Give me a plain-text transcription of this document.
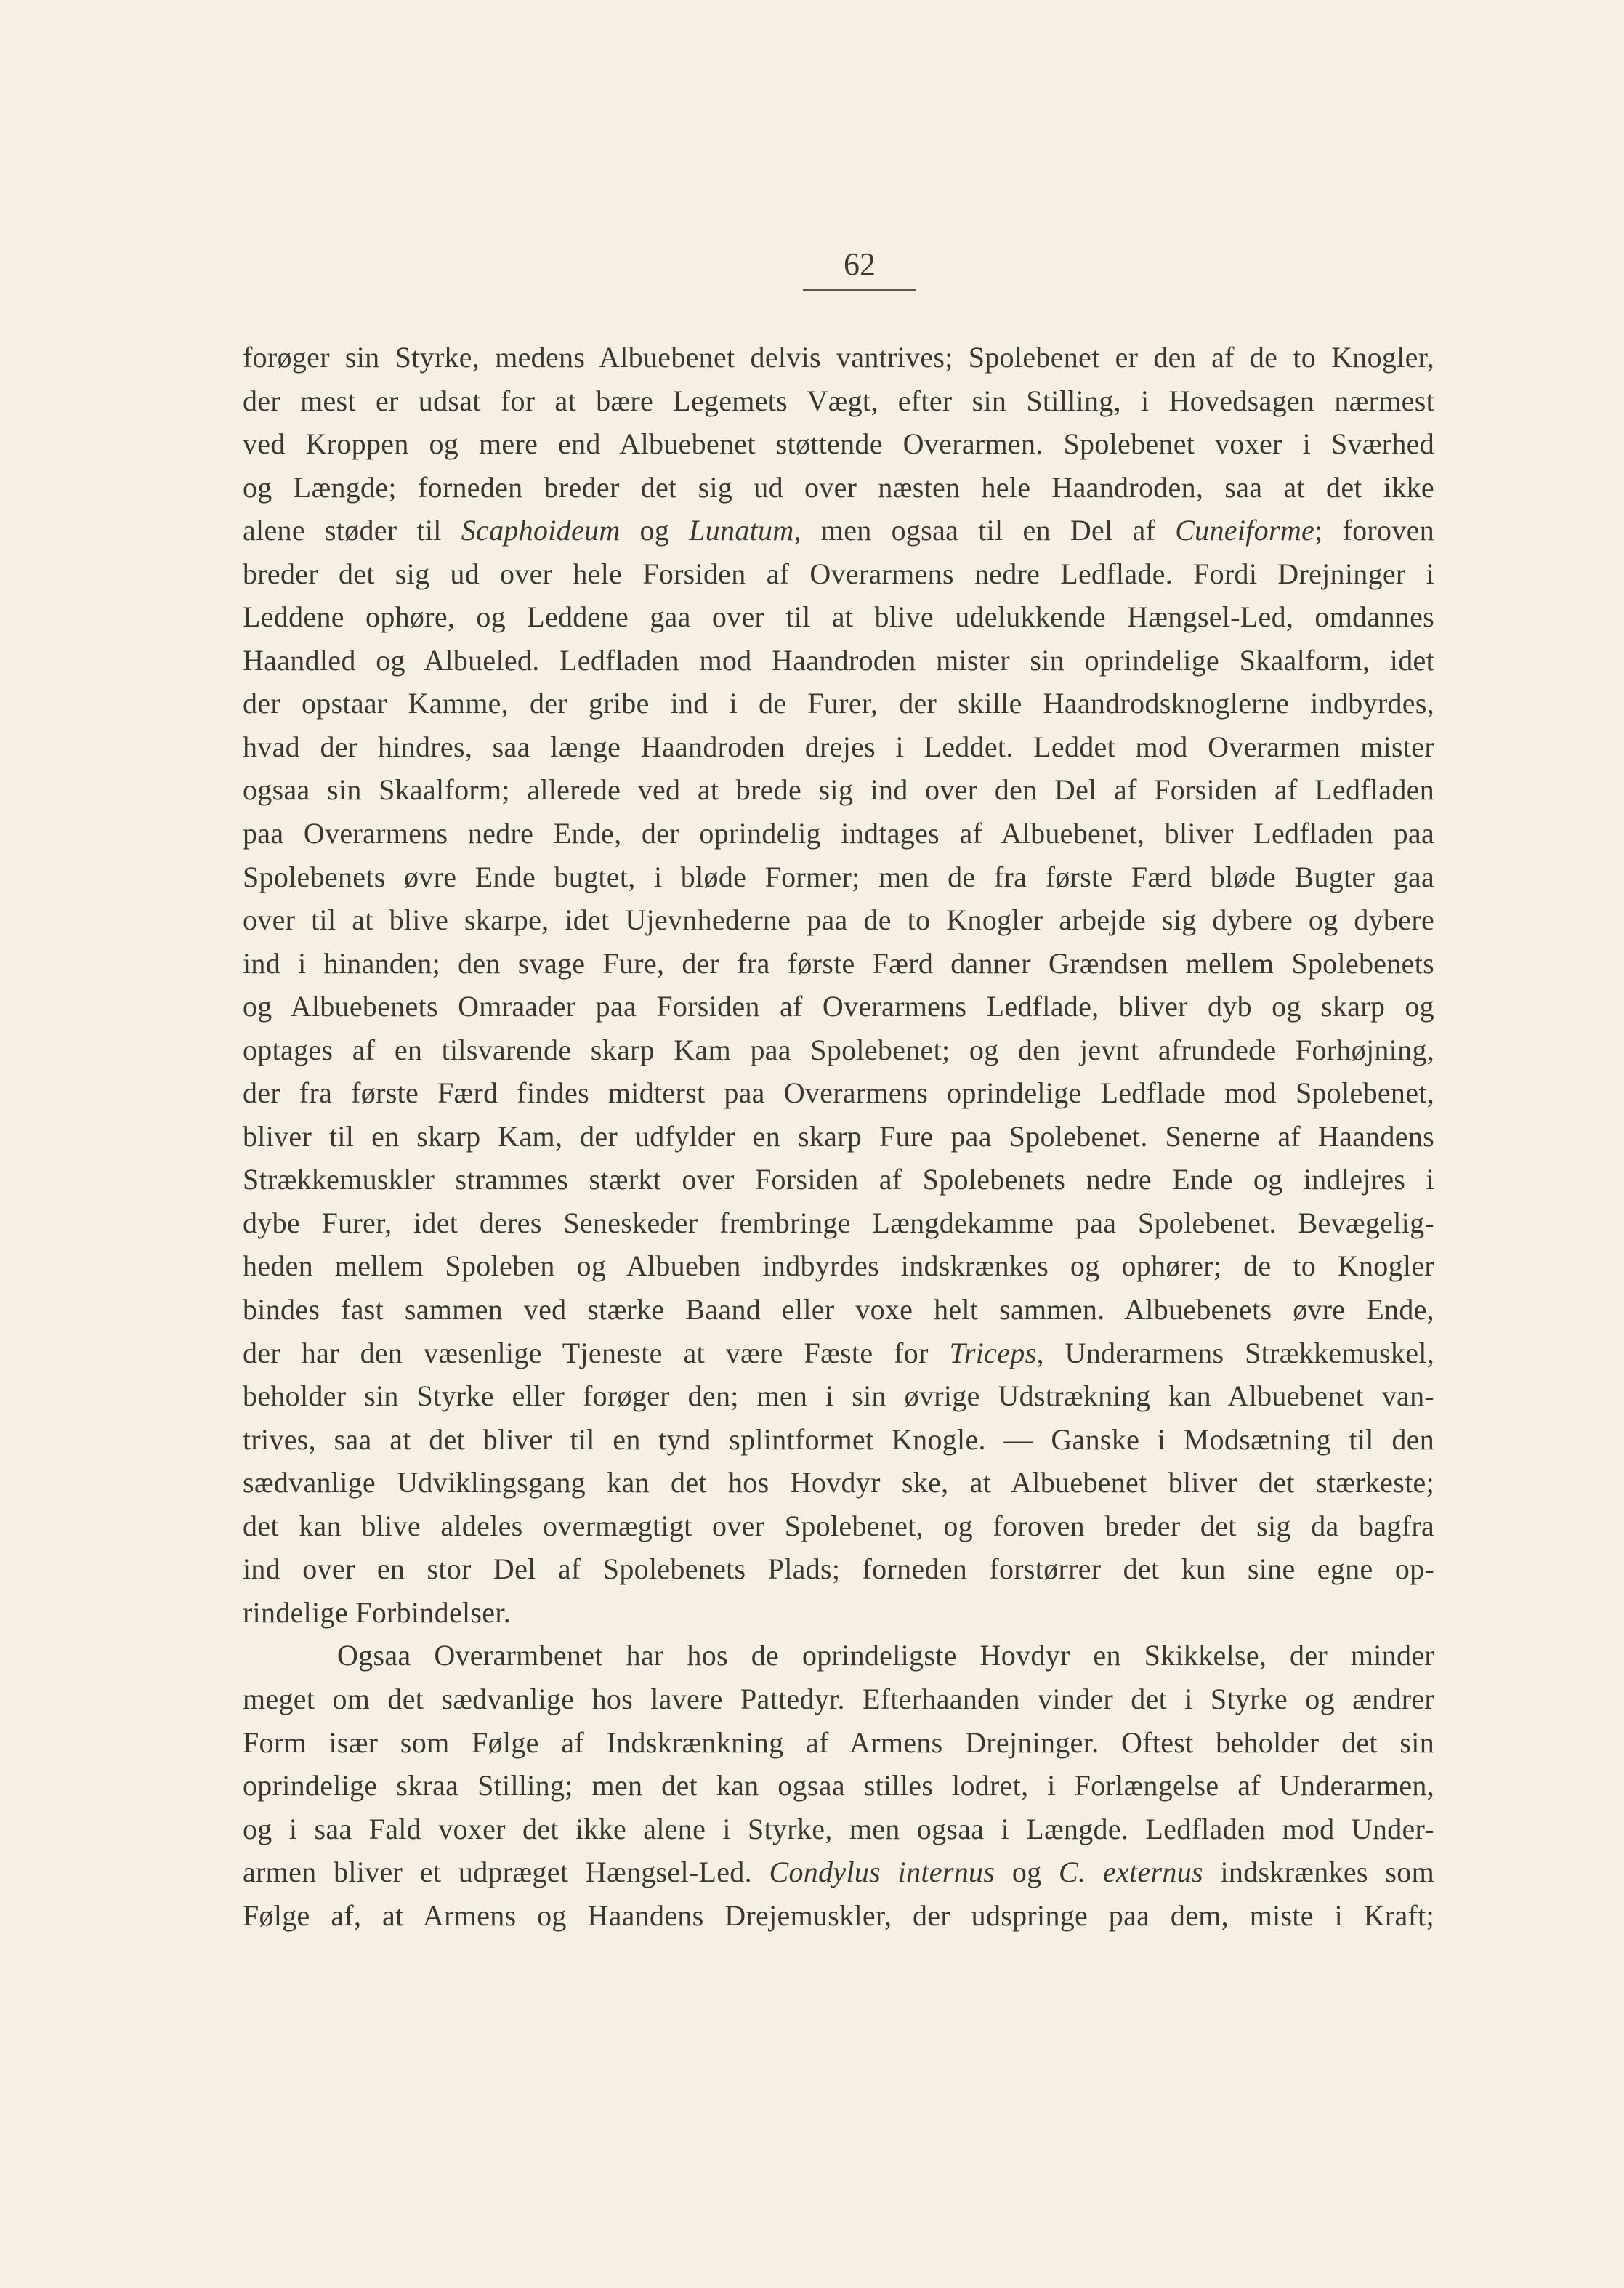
62
forøger sin Styrke, medens Albuebenet delvis vantrives; Spolebenet er den af de to Knogler,
der mest er udsat for at bære Legemets Vægt, efter sin Stilling, i Hovedsagen nærmest
ved Kroppen og mere end Albuebenet støttende Overarmen. Spolebenet voxer i Sværhed
og Længde; forneden breder det sig ud over næsten hele Haandroden, saa at det ikke
alene støder til Scaphoideum og Lunatum, men ogsaa til en Del af Cuneiforme; foroven
breder det sig ud over hele Forsiden af Overarmens nedre Ledflade. Fordi Drejninger i
Leddene ophøre, og Leddene gaa over til at blive udelukkende Hængsel-Led, omdannes
Haandled og Albueled. Ledfladen mod Haandroden mister sin oprindelige Skaalform, idet
der opstaar Kamme, der gribe ind i de Furer, der skille Haandrodsknoglerne indbyrdes,
hvad der hindres, saa længe Haandroden drejes i Leddet. Leddet mod Overarmen mister
ogsaa sin Skaalform; allerede ved at brede sig ind over den Del af Forsiden af Ledfladen
paa Overarmens nedre Ende, der oprindelig indtages af Albuebenet, bliver Ledfladen paa
Spolebenets øvre Ende bugtet, i bløde Former; men de fra første Færd bløde Bugter gaa
over til at blive skarpe, idet Ujevnhederne paa de to Knogler arbejde sig dybere og dybere
ind i hinanden; den svage Fure, der fra første Færd danner Grændsen mellem Spolebenets
og Albuebenets Omraader paa Forsiden af Overarmens Ledflade, bliver dyb og skarp og
optages af en tilsvarende skarp Kam paa Spolebenet; og den jevnt afrundede Forhøjning,
der fra første Færd findes midterst paa Overarmens oprindelige Ledflade mod Spolebenet,
bliver til en skarp Kam, der udfylder en skarp Fure paa Spolebenet. Senerne af Haandens
Strækkemuskler strammes stærkt over Forsiden af Spolebenets nedre Ende og indlejres i
dybe Furer, idet deres Seneskeder frembringe Længdekamme paa Spolebenet. Bevægelig-
heden mellem Spoleben og Albueben indbyrdes indskrænkes og ophører; de to Knogler
bindes fast sammen ved stærke Baand eller voxe helt sammen. Albuebenets øvre Ende,
der har den væsenlige Tjeneste at være Fæste for Triceps, Underarmens Strækkemuskel,
beholder sin Styrke eller forøger den; men i sin øvrige Udstrækning kan Albuebenet van-
trives, saa at det bliver til en tynd splintformet Knogle. — Ganske i Modsætning til den
sædvanlige Udviklingsgang kan det hos Hovdyr ske, at Albuebenet bliver det stærkeste;
det kan blive aldeles overmægtigt over Spolebenet, og foroven breder det sig da bagfra
ind over en stor Del af Spolebenets Plads; forneden forstørrer det kun sine egne op-
rindelige Forbindelser.
Ogsaa Overarmbenet har hos de oprindeligste Hovdyr en Skikkelse, der minder
meget om det sædvanlige hos lavere Pattedyr. Efterhaanden vinder det i Styrke og ændrer
Form især som Følge af Indskrænkning af Armens Drejninger. Oftest beholder det sin
oprindelige skraa Stilling; men det kan ogsaa stilles lodret, i Forlængelse af Underarmen,
og i saa Fald voxer det ikke alene i Styrke, men ogsaa i Længde. Ledfladen mod Under-
armen bliver et udpræget Hængsel-Led. Condylus internus og C. externus indskrænkes som
Følge af, at Armens og Haandens Drejemuskler, der udspringe paa dem, miste i Kraft;
